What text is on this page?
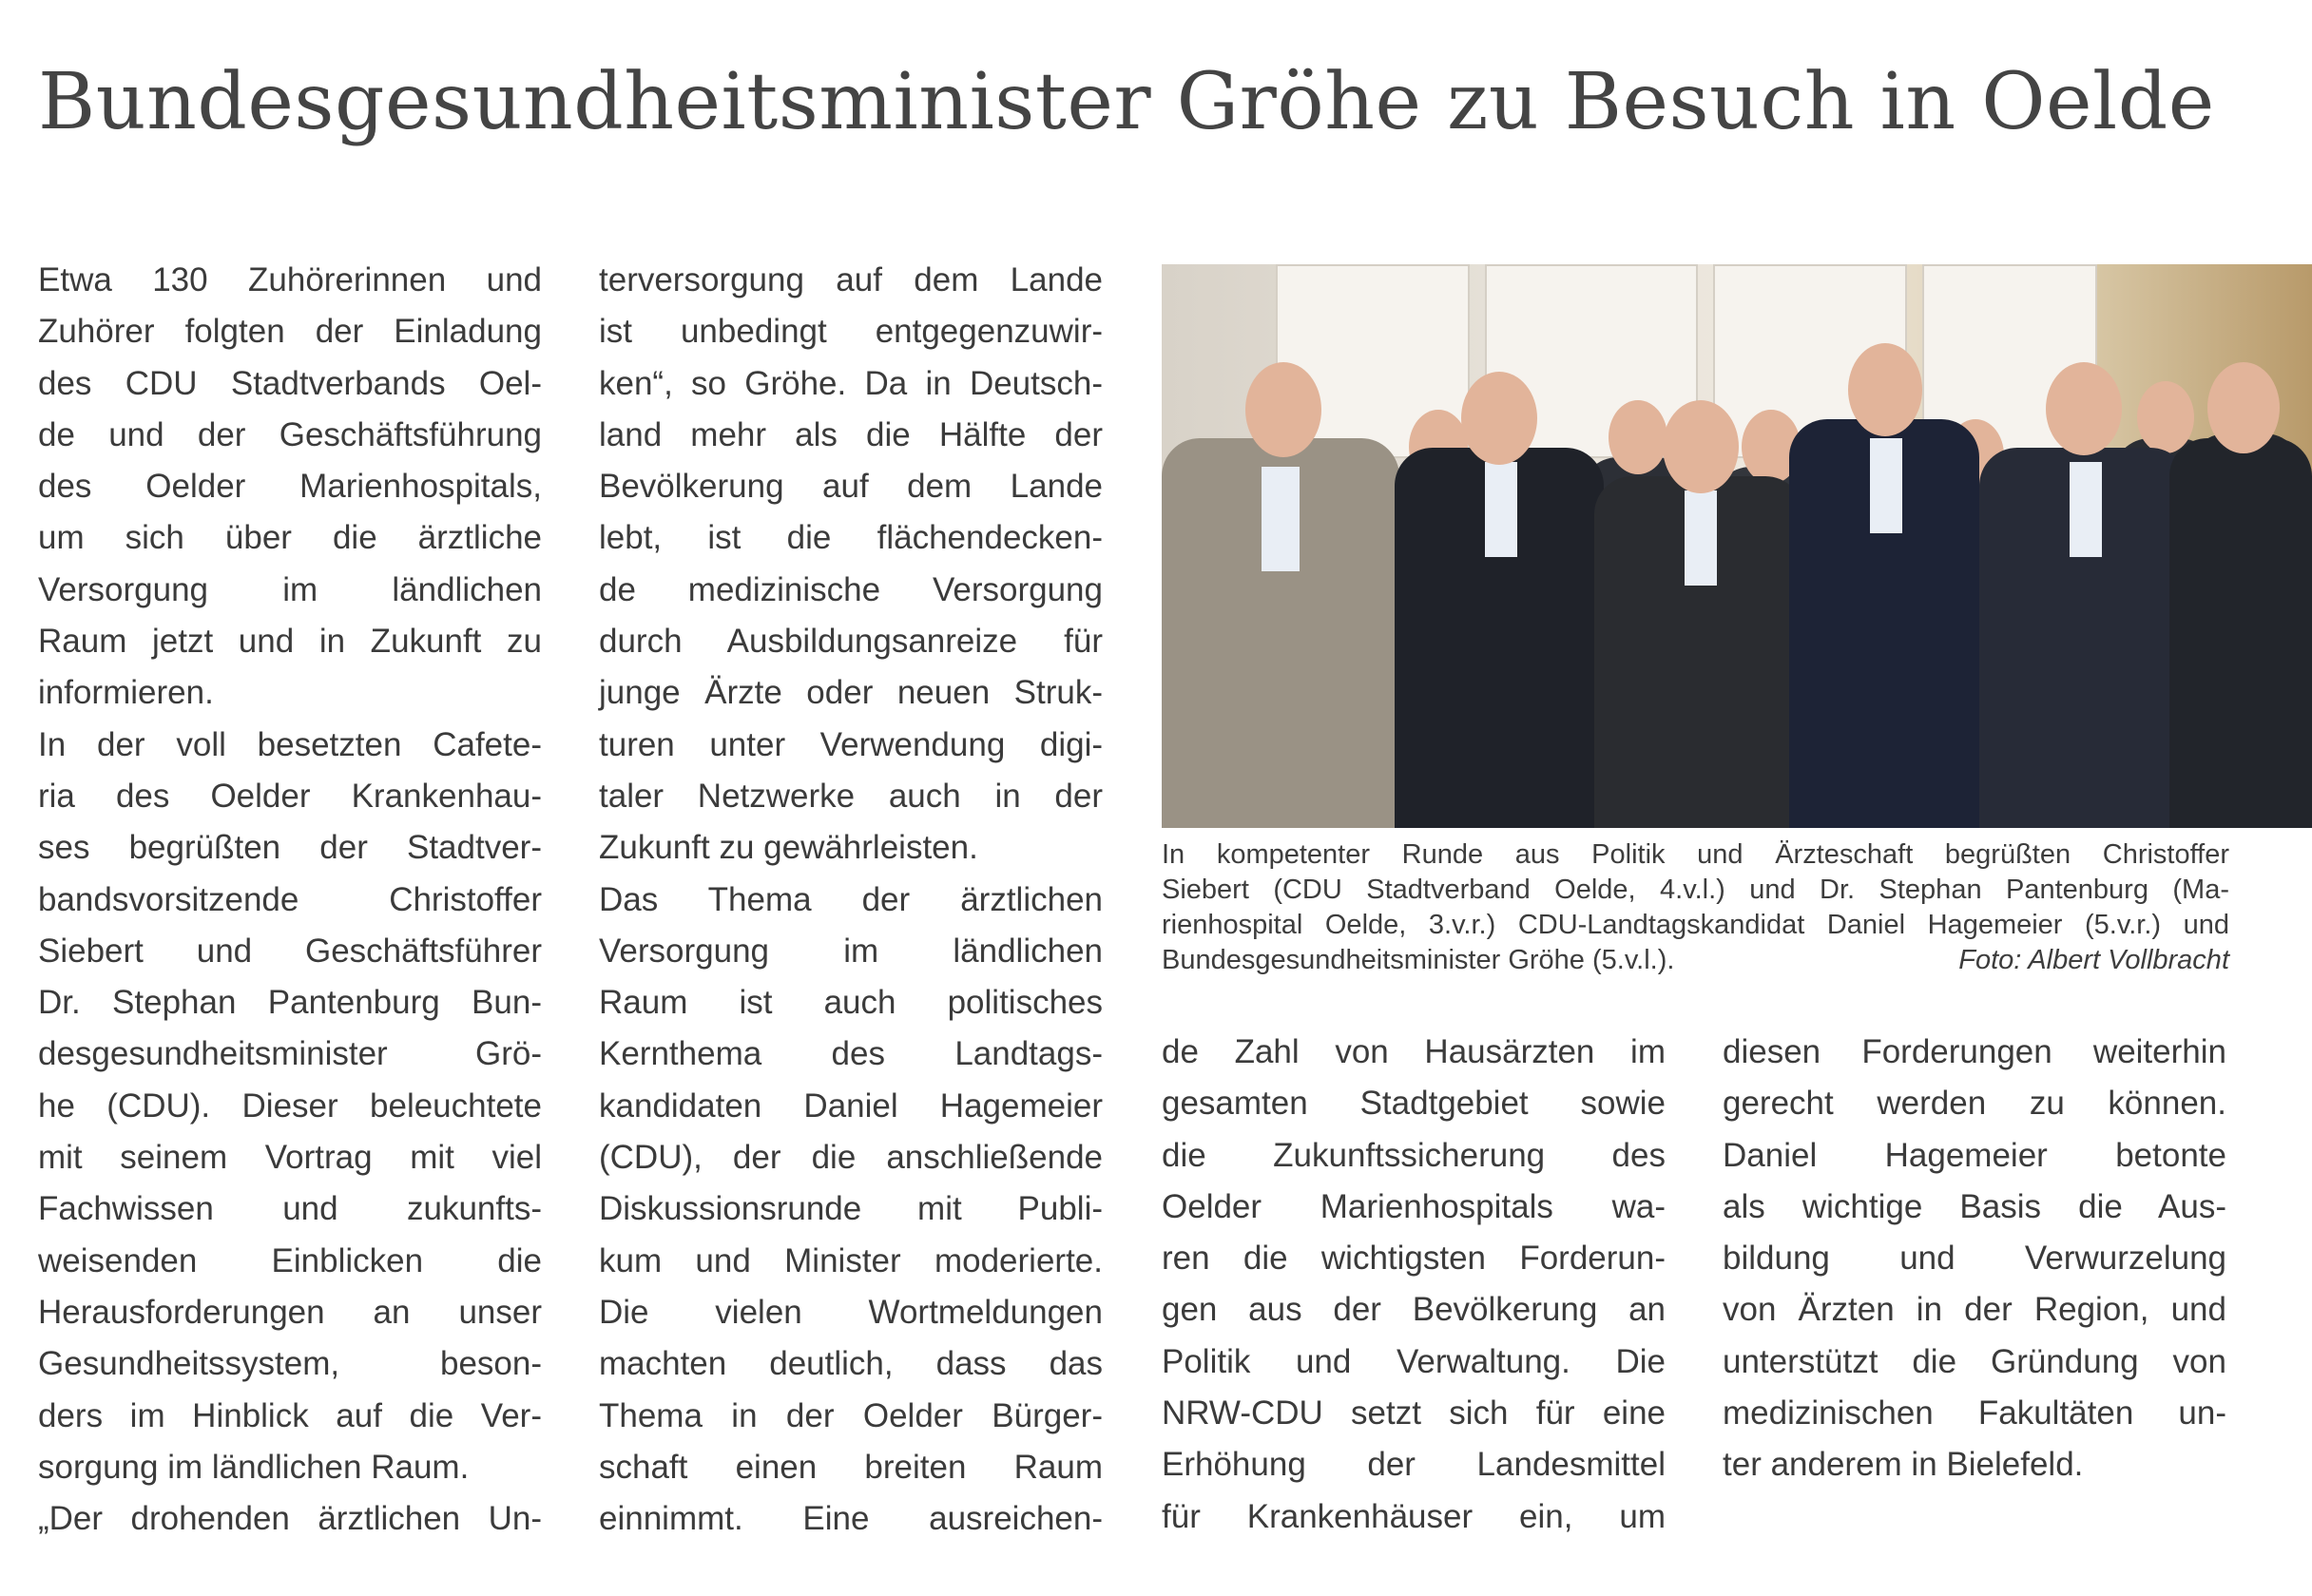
Bundesgesundheitsminister Gröhe zu Besuch in Oelde
Etwa 130 Zuhörerinnen und
Zuhörer folgten der Einladung
des CDU Stadtverbands Oel-
de und der Geschäftsführung
des Oelder Marienhospitals,
um sich über die ärztliche
Versorgung im ländlichen
Raum jetzt und in Zukunft zu
informieren.
In der voll besetzten Cafete-
ria des Oelder Krankenhau-
ses begrüßten der Stadtver-
bandsvorsitzende Christoffer
Siebert und Geschäftsführer
Dr. Stephan Pantenburg Bun-
desgesundheitsminister Grö-
he (CDU). Dieser beleuchtete
mit seinem Vortrag mit viel
Fachwissen und zukunfts-
weisenden Einblicken die
Herausforderungen an unser
Gesundheitssystem, beson-
ders im Hinblick auf die Ver-
sorgung im ländlichen Raum.
„Der drohenden ärztlichen Un-
terversorgung auf dem Lande
ist unbedingt entgegenzuwir-
ken“, so Gröhe. Da in Deutsch-
land mehr als die Hälfte der
Bevölkerung auf dem Lande
lebt, ist die flächendecken-
de medizinische Versorgung
durch Ausbildungsanreize für
junge Ärzte oder neuen Struk-
turen unter Verwendung digi-
taler Netzwerke auch in der
Zukunft zu gewährleisten.
Das Thema der ärztlichen
Versorgung im ländlichen
Raum ist auch politisches
Kernthema des Landtags-
kandidaten Daniel Hagemeier
(CDU), der die anschließende
Diskussionsrunde mit Publi-
kum und Minister moderierte.
Die vielen Wortmeldungen
machten deutlich, dass das
Thema in der Oelder Bürger-
schaft einen breiten Raum
einnimmt. Eine ausreichen-
In kompetenter Runde aus Politik und Ärzteschaft begrüßten Christoffer
Siebert (CDU Stadtverband Oelde, 4.v.l.) und Dr. Stephan Pantenburg (Ma-
rienhospital Oelde, 3.v.r.) CDU-Landtagskandidat Daniel Hagemeier (5.v.r.) und
Bundesgesundheitsminister Gröhe (5.v.l.).	Foto: Albert Vollbracht
de Zahl von Hausärzten im
gesamten Stadtgebiet sowie
die Zukunftssicherung des
Oelder Marienhospitals wa-
ren die wichtigsten Forderun-
gen aus der Bevölkerung an
Politik und Verwaltung. Die
NRW-CDU setzt sich für eine
Erhöhung der Landesmittel
für Krankenhäuser ein, um
diesen Forderungen weiterhin
gerecht werden zu können.
Daniel Hagemeier betonte
als wichtige Basis die Aus-
bildung und Verwurzelung
von Ärzten in der Region, und
unterstützt die Gründung von
medizinischen Fakultäten un-
ter anderem in Bielefeld.
